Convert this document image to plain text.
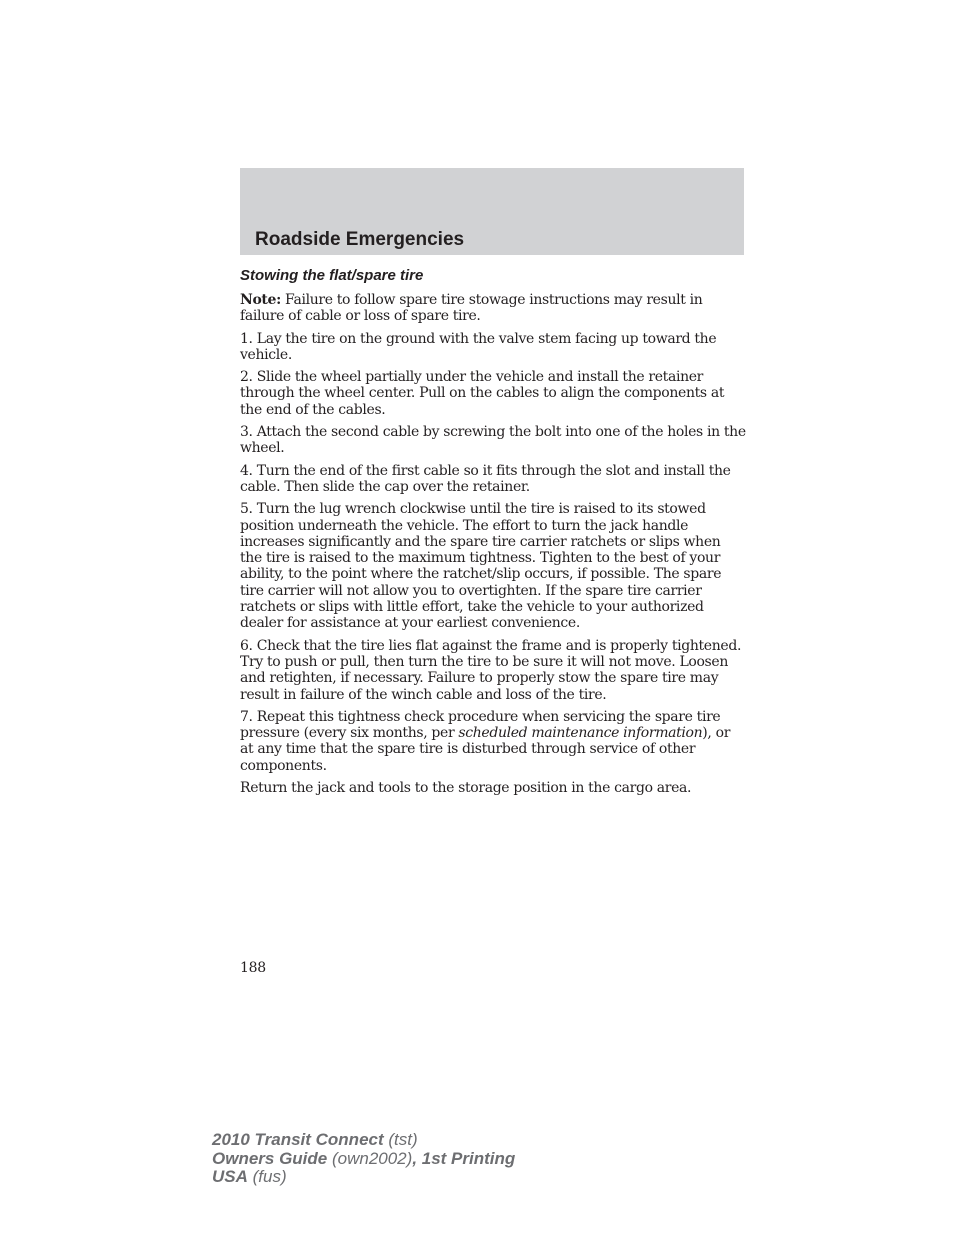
Roadside Emergencies
Stowing the flat/spare tire

Note: Failure to follow spare tire stowage instructions may result in failure of cable or loss of spare tire.

1. Lay the tire on the ground with the valve stem facing up toward the vehicle.

2. Slide the wheel partially under the vehicle and install the retainer through the wheel center. Pull on the cables to align the components at the end of the cables.

3. Attach the second cable by screwing the bolt into one of the holes in the wheel.

4. Turn the end of the first cable so it fits through the slot and install the cable. Then slide the cap over the retainer.

5. Turn the lug wrench clockwise until the tire is raised to its stowed position underneath the vehicle. The effort to turn the jack handle increases significantly and the spare tire carrier ratchets or slips when the tire is raised to the maximum tightness. Tighten to the best of your ability, to the point where the ratchet/slip occurs, if possible. The spare tire carrier will not allow you to overtighten. If the spare tire carrier ratchets or slips with little effort, take the vehicle to your authorized dealer for assistance at your earliest convenience.

6. Check that the tire lies flat against the frame and is properly tightened. Try to push or pull, then turn the tire to be sure it will not move. Loosen and retighten, if necessary. Failure to properly stow the spare tire may result in failure of the winch cable and loss of the tire.

7. Repeat this tightness check procedure when servicing the spare tire pressure (every six months, per scheduled maintenance information), or at any time that the spare tire is disturbed through service of other components.

Return the jack and tools to the storage position in the cargo area.

188
2010 Transit Connect (tst)
Owners Guide (own2002), 1st Printing
USA (fus)
